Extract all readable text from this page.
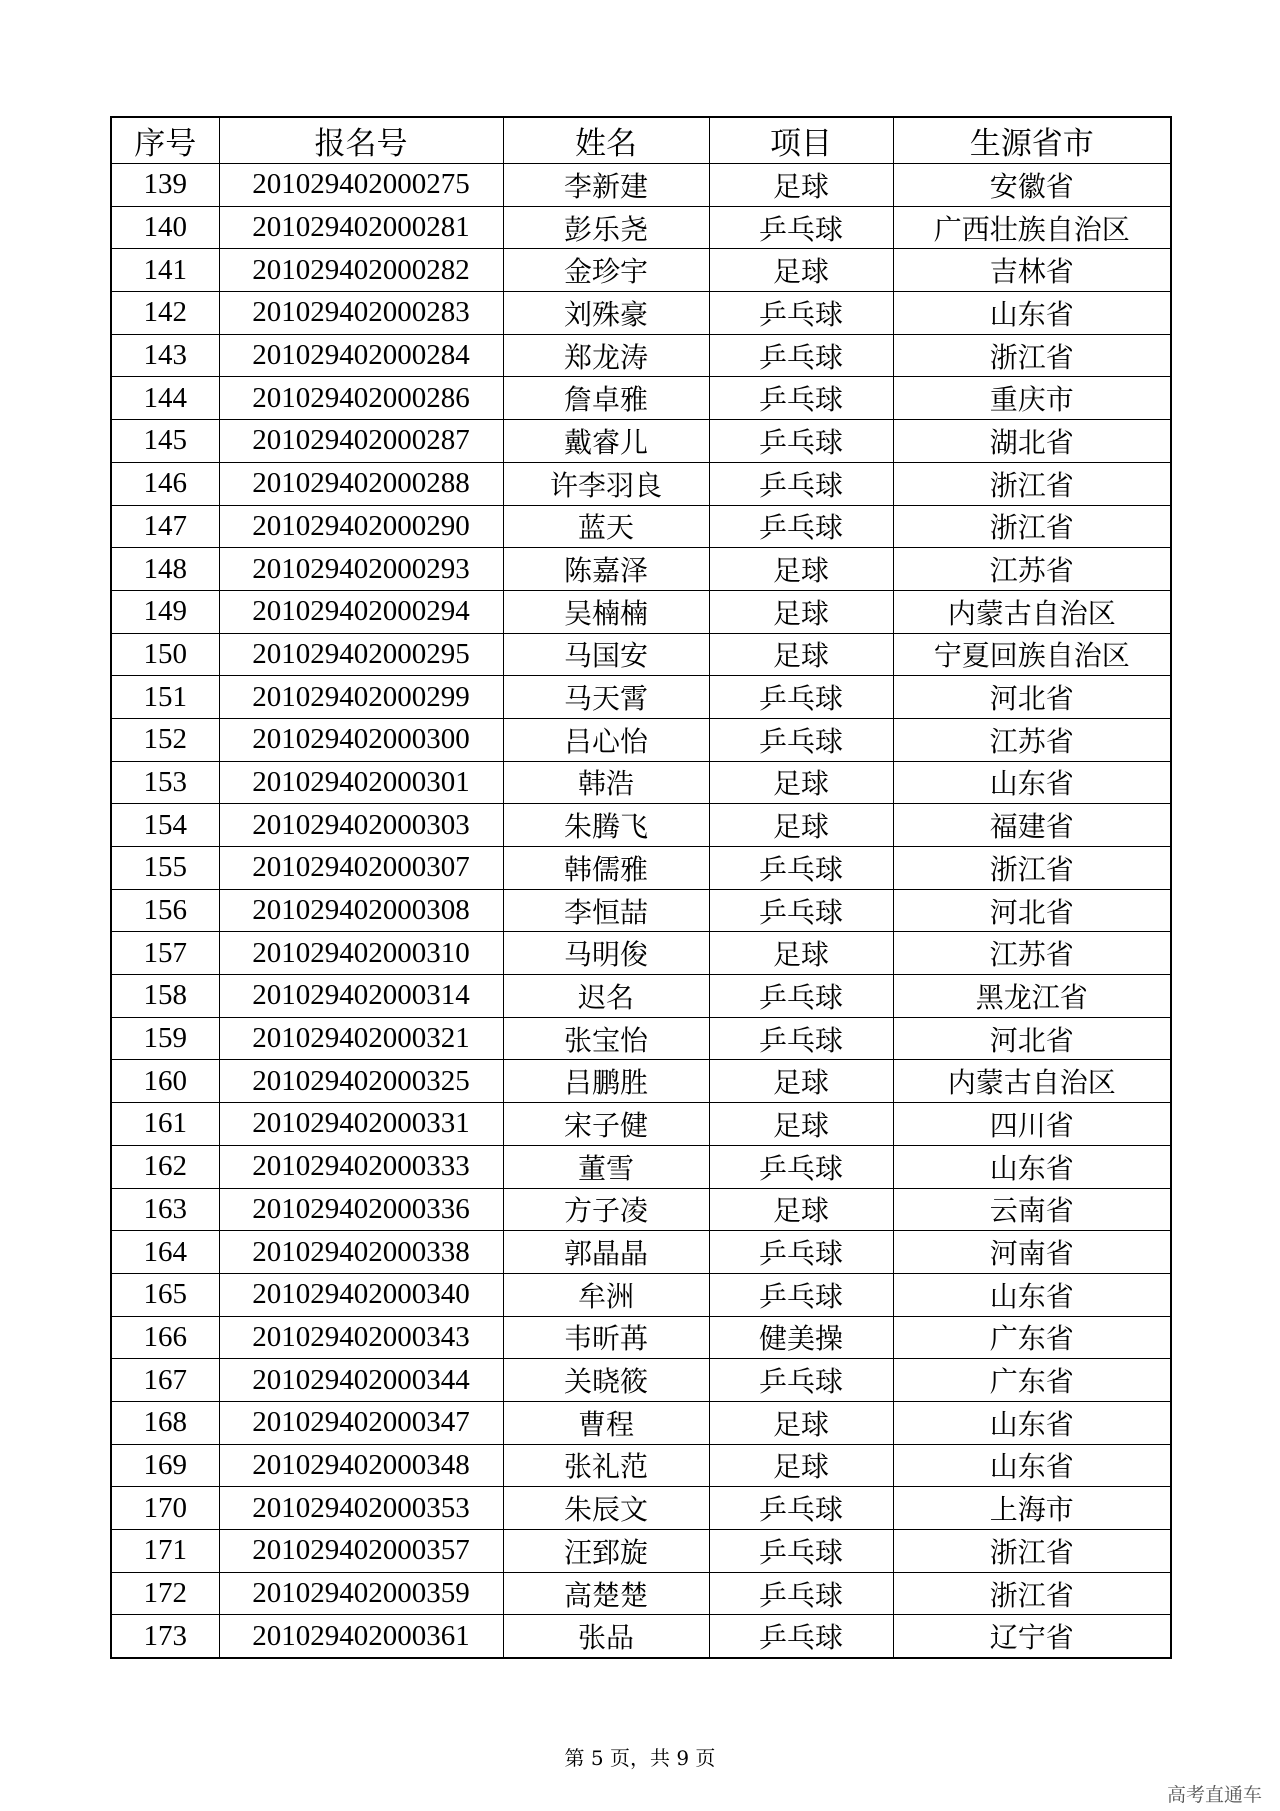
序号	报名号	姓名	项目	生源省市
139	201029402000275	李新建	足球	安徽省
140	201029402000281	彭乐尧	乒乓球	广西壮族自治区
141	201029402000282	金珍宇	足球	吉林省
142	201029402000283	刘殊豪	乒乓球	山东省
143	201029402000284	郑龙涛	乒乓球	浙江省
144	201029402000286	詹卓雅	乒乓球	重庆市
145	201029402000287	戴睿儿	乒乓球	湖北省
146	201029402000288	许李羽良	乒乓球	浙江省
147	201029402000290	蓝天	乒乓球	浙江省
148	201029402000293	陈嘉泽	足球	江苏省
149	201029402000294	吴楠楠	足球	内蒙古自治区
150	201029402000295	马国安	足球	宁夏回族自治区
151	201029402000299	马天霄	乒乓球	河北省
152	201029402000300	吕心怡	乒乓球	江苏省
153	201029402000301	韩浩	足球	山东省
154	201029402000303	朱腾飞	足球	福建省
155	201029402000307	韩儒雅	乒乓球	浙江省
156	201029402000308	李恒喆	乒乓球	河北省
157	201029402000310	马明俊	足球	江苏省
158	201029402000314	迟名	乒乓球	黑龙江省
159	201029402000321	张宝怡	乒乓球	河北省
160	201029402000325	吕鹏胜	足球	内蒙古自治区
161	201029402000331	宋子健	足球	四川省
162	201029402000333	董雪	乒乓球	山东省
163	201029402000336	方子凌	足球	云南省
164	201029402000338	郭晶晶	乒乓球	河南省
165	201029402000340	牟洲	乒乓球	山东省
166	201029402000343	韦昕苒	健美操	广东省
167	201029402000344	关晓筱	乒乓球	广东省
168	201029402000347	曹程	足球	山东省
169	201029402000348	张礼范	足球	山东省
170	201029402000353	朱辰文	乒乓球	上海市
171	201029402000357	汪郅旋	乒乓球	浙江省
172	201029402000359	高楚楚	乒乓球	浙江省
173	201029402000361	张品	乒乓球	辽宁省
第 5 页，共 9 页
高考直通车
